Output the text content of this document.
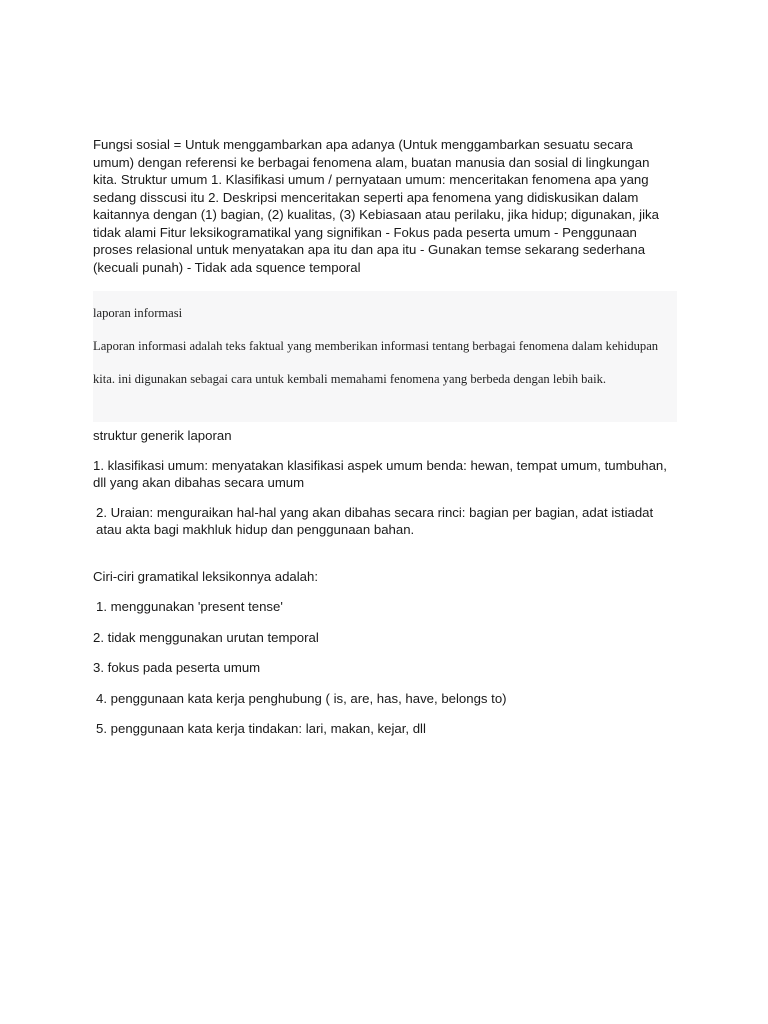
Fungsi sosial = Untuk menggambarkan apa adanya (Untuk menggambarkan sesuatu secara umum) dengan referensi ke berbagai fenomena alam, buatan manusia dan sosial di lingkungan kita. Struktur umum 1. Klasifikasi umum / pernyataan umum: menceritakan fenomena apa yang sedang disscusi itu 2. Deskripsi menceritakan seperti apa fenomena yang didiskusikan dalam kaitannya dengan (1) bagian, (2) kualitas, (3) Kebiasaan atau perilaku, jika hidup; digunakan, jika tidak alami Fitur leksikogramatikal yang signifikan - Fokus pada peserta umum - Penggunaan proses relasional untuk menyatakan apa itu dan apa itu - Gunakan temse sekarang sederhana (kecuali punah) - Tidak ada squence temporal

laporan informasi

Laporan informasi adalah teks faktual yang memberikan informasi tentang berbagai fenomena dalam kehidupan kita. ini digunakan sebagai cara untuk kembali memahami fenomena yang berbeda dengan lebih baik.

struktur generik laporan

1. klasifikasi umum: menyatakan klasifikasi aspek umum benda: hewan, tempat umum, tumbuhan, dll yang akan dibahas secara umum

2. Uraian: menguraikan hal-hal yang akan dibahas secara rinci: bagian per bagian, adat istiadat atau akta bagi makhluk hidup dan penggunaan bahan.

Ciri-ciri gramatikal leksikonnya adalah:

1. menggunakan 'present tense'

2. tidak menggunakan urutan temporal

3. fokus pada peserta umum

4. penggunaan kata kerja penghubung ( is, are, has, have, belongs to)

5. penggunaan kata kerja tindakan: lari, makan, kejar, dll
